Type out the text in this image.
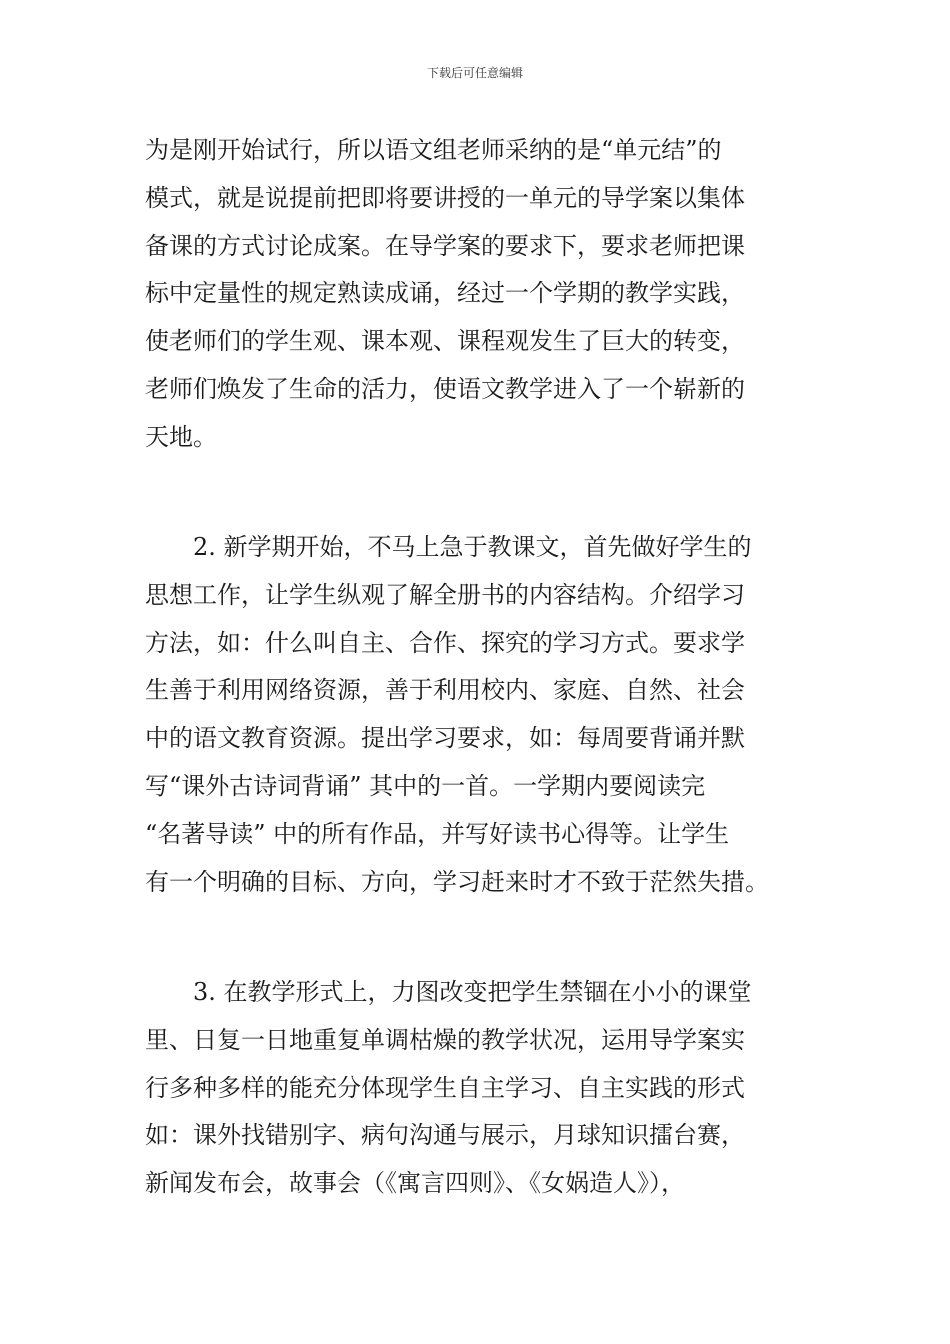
下载后可任意编辑
为是刚开始试行，所以语文组老师采纳的是“单元结”的
模式，就是说提前把即将要讲授的一单元的导学案以集体
备课的方式讨论成案。在导学案的要求下，要求老师把课
标中定量性的规定熟读成诵，经过一个学期的教学实践，
使老师们的学生观、课本观、课程观发生了巨大的转变，
老师们焕发了生命的活力，使语文教学进入了一个崭新的
天地。
2. 新学期开始，不马上急于教课文，首先做好学生的
思想工作，让学生纵观了解全册书的内容结构。介绍学习
方法，如：什么叫自主、合作、探究的学习方式。要求学
生善于利用网络资源，善于利用校内、家庭、自然、社会
中的语文教育资源。提出学习要求，如：每周要背诵并默
写“课外古诗词背诵” 其中的一首。一学期内要阅读完
“名著导读” 中的所有作品，并写好读书心得等。让学生
有一个明确的目标、方向，学习赶来时才不致于茫然失措。
3. 在教学形式上，力图改变把学生禁锢在小小的课堂
里、日复一日地重复单调枯燥的教学状况，运用导学案实
行多种多样的能充分体现学生自主学习、自主实践的形式
如：课外找错别字、病句沟通与展示，月球知识擂台赛，
新闻发布会，故事会（《寓言四则》、《女娲造人》），
